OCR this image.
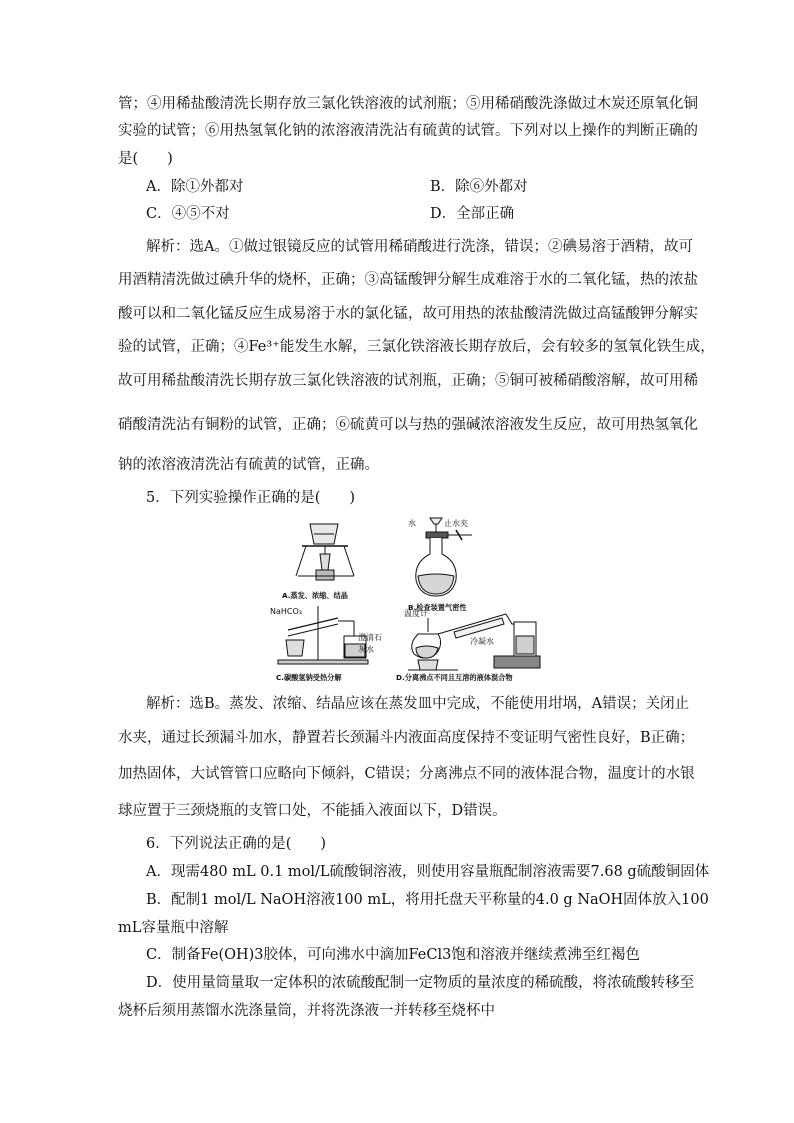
管；④用稀盐酸清洗长期存放三氯化铁溶液的试剂瓶；⑤用稀硝酸洗涤做过木炭还原氧化铜
实验的试管；⑥用热氢氧化钠的浓溶液清洗沾有硫黄的试管。下列对以上操作的判断正确的
是(　　)
A．除①外都对	B．除⑥外都对
C．④⑤不对	D．全部正确
解析：选A。①做过银镜反应的试管用稀硝酸进行洗涤，错误；②碘易溶于酒精，故可
用酒精清洗做过碘升华的烧杯，正确；③高锰酸钾分解生成难溶于水的二氧化锰，热的浓盐
酸可以和二氧化锰反应生成易溶于水的氯化锰，故可用热的浓盐酸清洗做过高锰酸钾分解实
验的试管，正确；④Fe³⁺能发生水解，三氯化铁溶液长期存放后，会有较多的氢氧化铁生成，
故可用稀盐酸清洗长期存放三氯化铁溶液的试剂瓶，正确；⑤铜可被稀硝酸溶解，故可用稀
硝酸清洗沾有铜粉的试管，正确；⑥硫黄可以与热的强碱浓溶液发生反应，故可用热氢氧化
钠的浓溶液清洗沾有硫黄的试管，正确。
5．下列实验操作正确的是(　　)
水	止水夹
A.蒸发、浓缩、结晶
B.检查装置气密性
NaHCO₃
澄清石
灰水
温度计
冷凝水
C.碳酸氢钠受热分解	D.分离沸点不同且互溶的液体混合物
解析：选B。蒸发、浓缩、结晶应该在蒸发皿中完成，不能使用坩埚，A错误；关闭止
水夹，通过长颈漏斗加水，静置若长颈漏斗内液面高度保持不变证明气密性良好，B正确；
加热固体，大试管管口应略向下倾斜，C错误；分离沸点不同的液体混合物，温度计的水银
球应置于三颈烧瓶的支管口处，不能插入液面以下，D错误。
6．下列说法正确的是(　　)
A．现需480 mL 0.1 mol/L硫酸铜溶液，则使用容量瓶配制溶液需要7.68 g硫酸铜固体
B．配制1 mol/L NaOH溶液100 mL，将用托盘天平称量的4.0 g NaOH固体放入100
mL容量瓶中溶解
C．制备Fe(OH)3胶体，可向沸水中滴加FeCl3饱和溶液并继续煮沸至红褐色
D．使用量筒量取一定体积的浓硫酸配制一定物质的量浓度的稀硫酸，将浓硫酸转移至
烧杯后须用蒸馏水洗涤量筒，并将洗涤液一并转移至烧杯中
